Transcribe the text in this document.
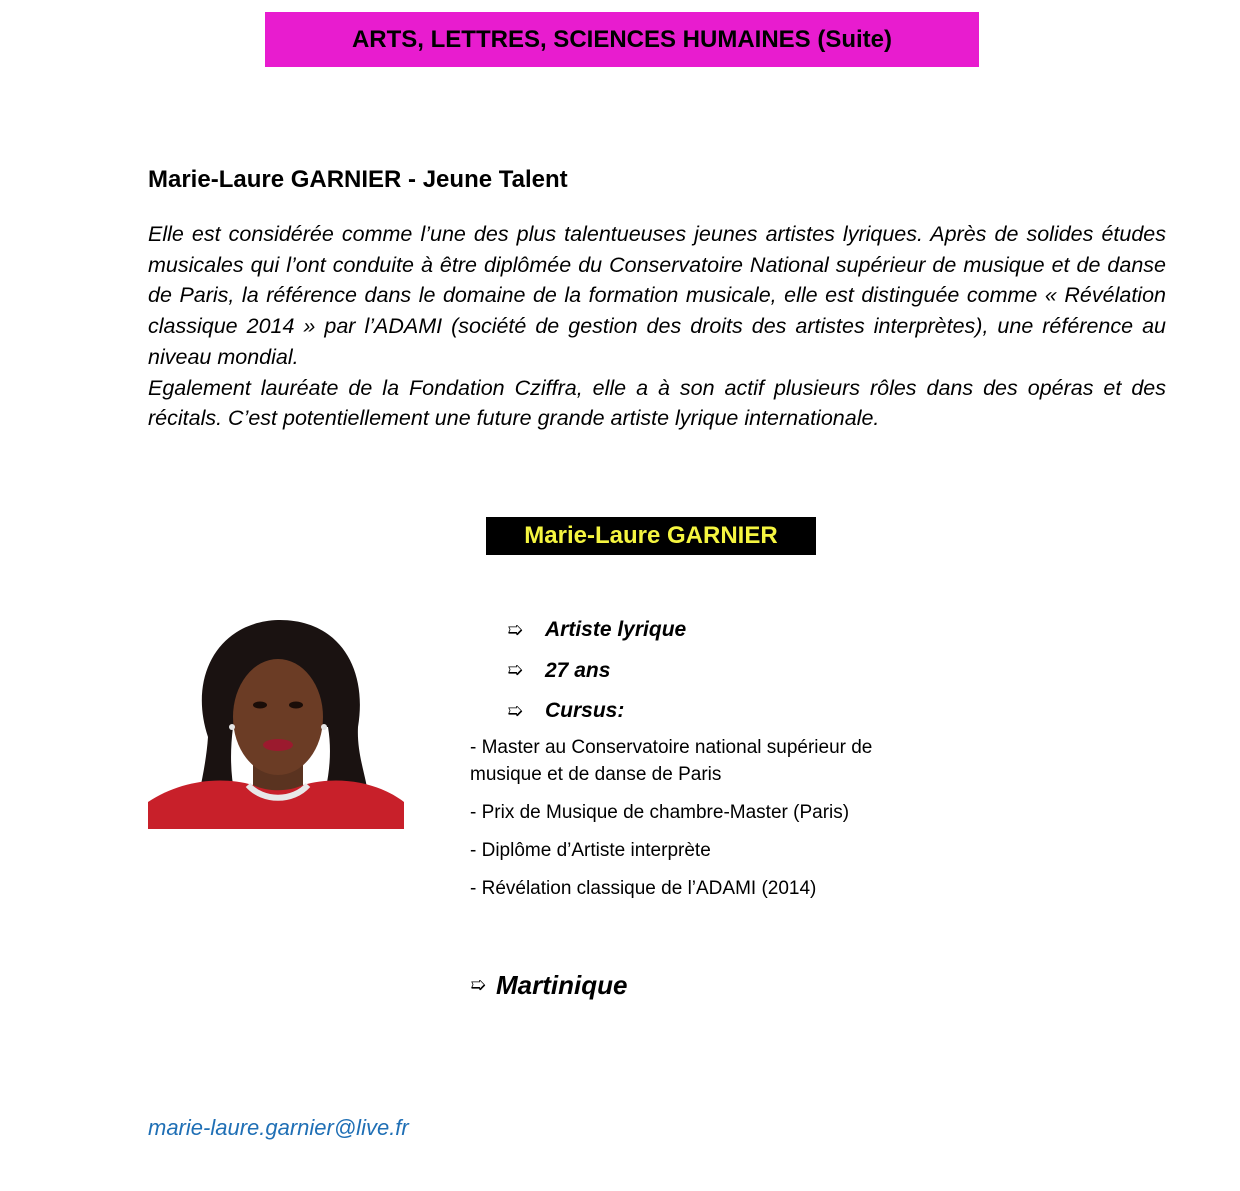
ARTS, LETTRES, SCIENCES HUMAINES (Suite)
Marie-Laure GARNIER - Jeune Talent

Elle est considérée comme l’une des plus talentueuses jeunes artistes lyriques. Après de solides études musicales qui l’ont conduite à être diplômée du Conservatoire National supérieur de musique et de danse de Paris, la référence dans le domaine de la formation musicale, elle est distinguée comme « Révélation classique 2014 » par l’ADAMI (société de gestion des droits des artistes interprètes), une référence au niveau mondial.

Egalement lauréate de la Fondation Cziffra, elle a à son actif plusieurs rôles dans des opéras et des récitals. C’est potentiellement une future grande artiste lyrique internationale.

Marie-Laure GARNIER
➯	Artiste lyrique
➯	27 ans
➯	Cursus:
- Master au Conservatoire national supérieur de musique et de danse de Paris
- Prix de Musique de chambre-Master (Paris)
- Diplôme d’Artiste interprète
- Révélation classique de l’ADAMI (2014)
➯ Martinique
marie-laure.garnier@live.fr
